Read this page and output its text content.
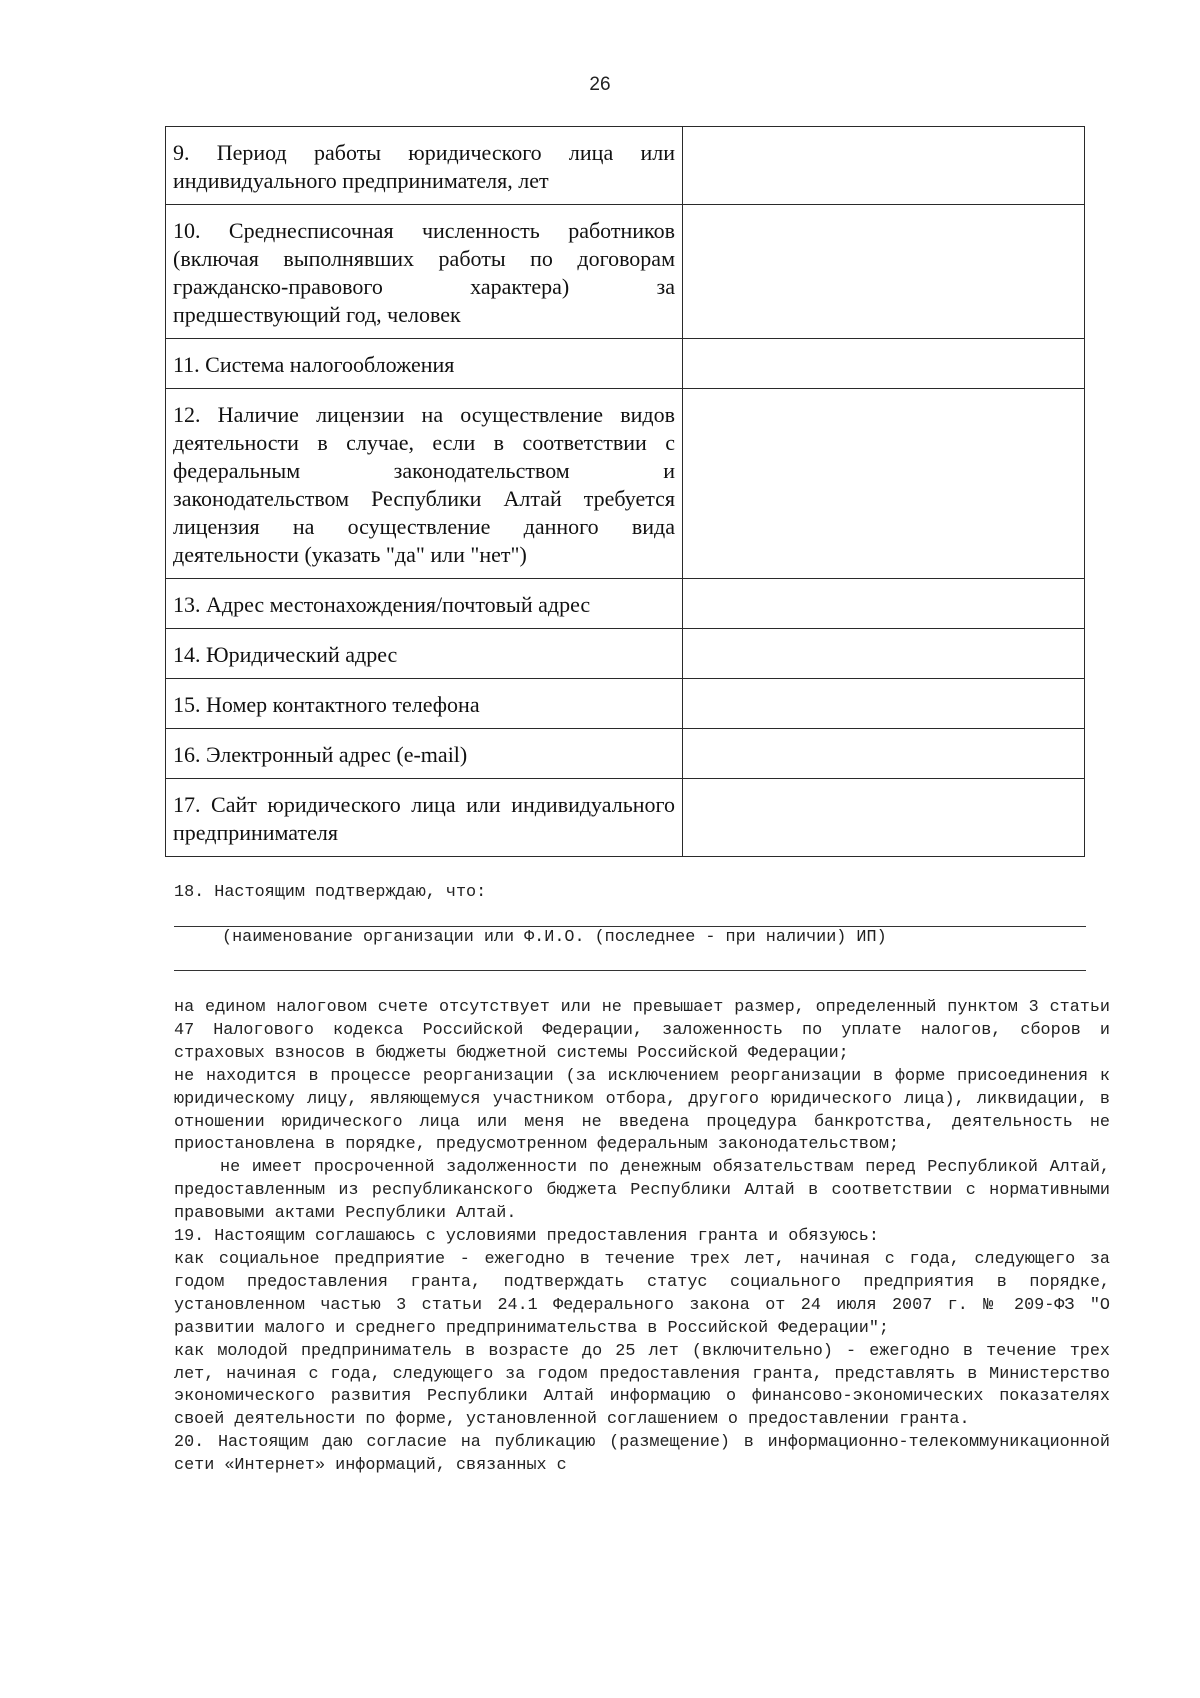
26
9. Период работы юридического лица или индивидуального предпринимателя, лет	
10. Среднесписочная численность работников (включая выполнявших работы по договорам гражданско-правового характера) за предшествующий год, человек	
11. Система налогообложения	
12. Наличие лицензии на осуществление видов деятельности в случае, если в соответствии с федеральным законодательством и законодательством Республики Алтай требуется лицензия на осуществление данного вида деятельности (указать "да" или "нет")	
13. Адрес местонахождения/почтовый адрес	
14. Юридический адрес	
15. Номер контактного телефона	
16. Электронный адрес (e-mail)	
17. Сайт юридического лица или индивидуального предпринимателя	
18. Настоящим подтверждаю, что:
(наименование организации или Ф.И.О. (последнее - при наличии) ИП)

на едином налоговом счете отсутствует или не превышает размер, определенный пунктом 3 статьи 47 Налогового кодекса Российской Федерации, заложенность по уплате налогов, сборов и страховых взносов в бюджеты бюджетной системы Российской Федерации;

не находится в процессе реорганизации (за исключением реорганизации в форме присоединения к юридическому лицу, являющемуся участником отбора, другого юридического лица), ликвидации, в отношении юридического лица или меня не введена процедура банкротства, деятельность не приостановлена в порядке, предусмотренном федеральным законодательством;

не имеет просроченной задолженности по денежным обязательствам перед Республикой Алтай, предоставленным из республиканского бюджета Республики Алтай в соответствии с нормативными правовыми актами Республики Алтай.

19. Настоящим соглашаюсь с условиями предоставления гранта и обязуюсь:

как социальное предприятие - ежегодно в течение трех лет, начиная с года, следующего за годом предоставления гранта, подтверждать статус социального предприятия в порядке, установленном частью 3 статьи 24.1 Федерального закона от 24 июля 2007 г. № 209-ФЗ "О развитии малого и среднего предпринимательства в Российской Федерации";

как молодой предприниматель в возрасте до 25 лет (включительно) - ежегодно в течение трех лет, начиная с года, следующего за годом предоставления гранта, представлять в Министерство экономического развития Республики Алтай информацию о финансово-экономических показателях своей деятельности по форме, установленной соглашением о предоставлении гранта.

20. Настоящим даю согласие на публикацию (размещение) в информационно-телекоммуникационной сети «Интернет» информаций, связанных с
